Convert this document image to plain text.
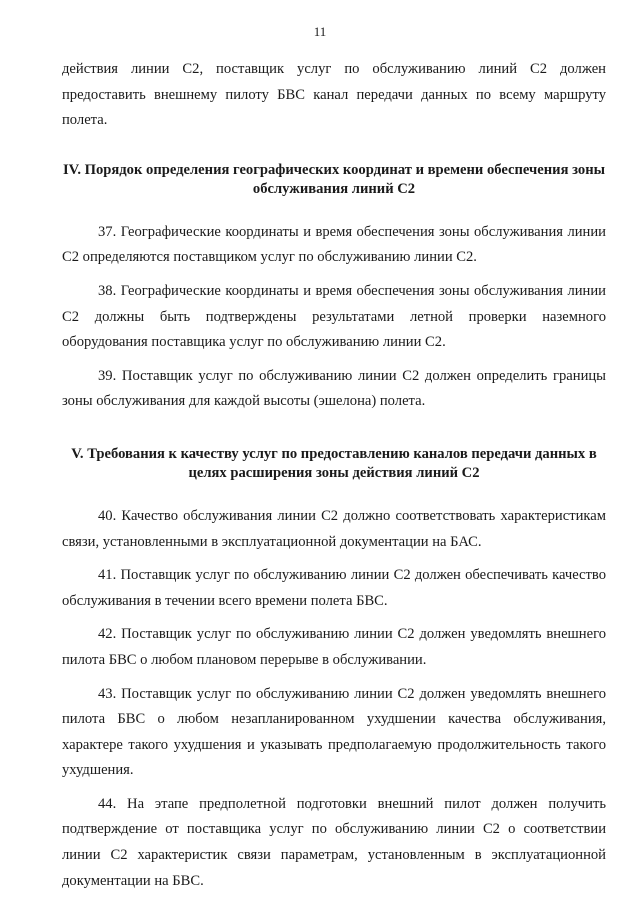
11

действия линии С2, поставщик услуг по обслуживанию линий С2 должен предоставить внешнему пилоту БВС канал передачи данных по всему маршруту полета.

IV. Порядок определения географических координат и времени обеспечения зоны обслуживания линий С2

37. Географические координаты и время обеспечения зоны обслуживания линии С2 определяются поставщиком услуг по обслуживанию линии С2.

38. Географические координаты и время обеспечения зоны обслуживания линии С2 должны быть подтверждены результатами летной проверки наземного оборудования поставщика услуг по обслуживанию линии С2.

39. Поставщик услуг по обслуживанию линии С2 должен определить границы зоны обслуживания для каждой высоты (эшелона) полета.

V. Требования к качеству услуг по предоставлению каналов передачи данных в целях расширения зоны действия линий С2

40. Качество обслуживания линии С2 должно соответствовать характеристикам связи, установленными в эксплуатационной документации на БАС.

41. Поставщик услуг по обслуживанию линии С2 должен обеспечивать качество обслуживания в течении всего времени полета БВС.

42. Поставщик услуг по обслуживанию линии С2 должен уведомлять внешнего пилота БВС о любом плановом перерыве в обслуживании.

43. Поставщик услуг по обслуживанию линии С2 должен уведомлять внешнего пилота БВС о любом незапланированном ухудшении качества обслуживания, характере такого ухудшения и указывать предполагаемую продолжительность такого ухудшения.

44. На этапе предполетной подготовки внешний пилот должен получить подтверждение от поставщика услуг по обслуживанию линии С2 о соответствии линии С2 характеристик связи параметрам, установленным в эксплуатационной документации на БВС.
